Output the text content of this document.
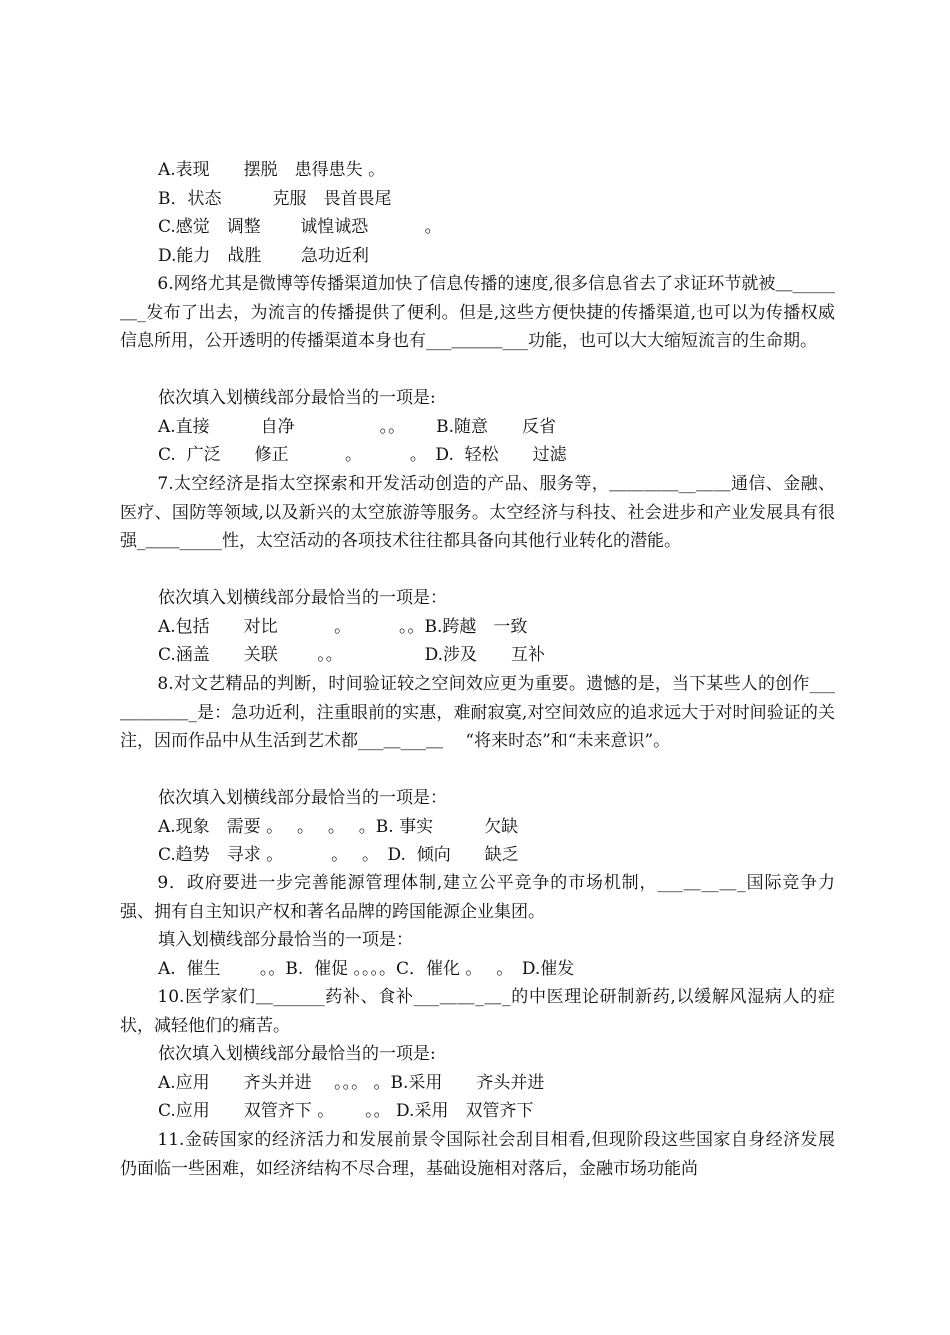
A.表现　　摆脱　患得患失 。

B．状态　　　克服　畏首畏尾

C.感觉　调整　　 诚惶诚恐　　　 。

D.能力　战胜　　 急功近利

6.网络尤其是微博等传播渠道加快了信息传播的速度,很多信息省去了求证环节就被＿_____＿_发布了出去，为流言的传播提供了便利。但是,这些方便快捷的传播渠道,也可以为传播权威信息所用，公开透明的传播渠道本身也有___＿＿＿___功能，也可以大大缩短流言的生命期。

依次填入划横线部分最恰当的一项是:

A.直接　　　自净　　　　　。。　　 B.随意　　反省

C.  广泛　　修正　　　 。　　　 。　D.  轻松　　过滤

7.太空经济是指太空探索和开发活动创造的产品、服务等，＿＿＿＿__＿＿通信、金融、医疗、国防等领域,以及新兴的太空旅游等服务。太空经济与科技、社会进步和产业发展具有很强_＿＿_____性，太空活动的各项技术往往都具备向其他行业转化的潜能。

依次填入划横线部分最恰当的一项是：

A.包括　　对比　　　 。　　　 。。B.跨越　一致

C.涵盖　　关联　　 。。　　　　　 D.涉及　　互补

8.对文艺精品的判断，时间验证较之空间效应更为重要。遗憾的是，当下某些人的创作___＿＿＿＿_是：急功近利，注重眼前的实惠，难耐寂寞,对空间效应的追求远大于对时间验证的关注，因而作品中从生活到艺术都___＿___＿　 “将来时态”和“未来意识”。

依次填入划横线部分最恰当的一项是：

A.现象　需要 。　 。　 。　 。B. 事实　　　欠缺

C.趋势　寻求 。　　　 。　 。　D.  倾向　　缺乏

9．政府要进一步完善能源管理体制,建立公平竞争的市场机制，___＿__＿_国际竞争力强、拥有自主知识产权和著名品牌的跨国能源企业集团。

填入划横线部分最恰当的一项是：

A.  催生　　 。。B.  催促 。。。。C．催化 。　 。　D.催发

10.医学家们＿______药补、食补___＿＿_＿_的中医理论研制新药,以缓解风湿病人的症状，减轻他们的痛苦。

依次填入划横线部分最恰当的一项是:

A.应用　　齐头并进　 。。。 。B.采用　　齐头并进

C.应用　　双管齐下 。　　 。。 D.采用　双管齐下

11.金砖国家的经济活力和发展前景令国际社会刮目相看,但现阶段这些国家自身经济发展仍面临一些困难，如经济结构不尽合理，基础设施相对落后，金融市场功能尚
